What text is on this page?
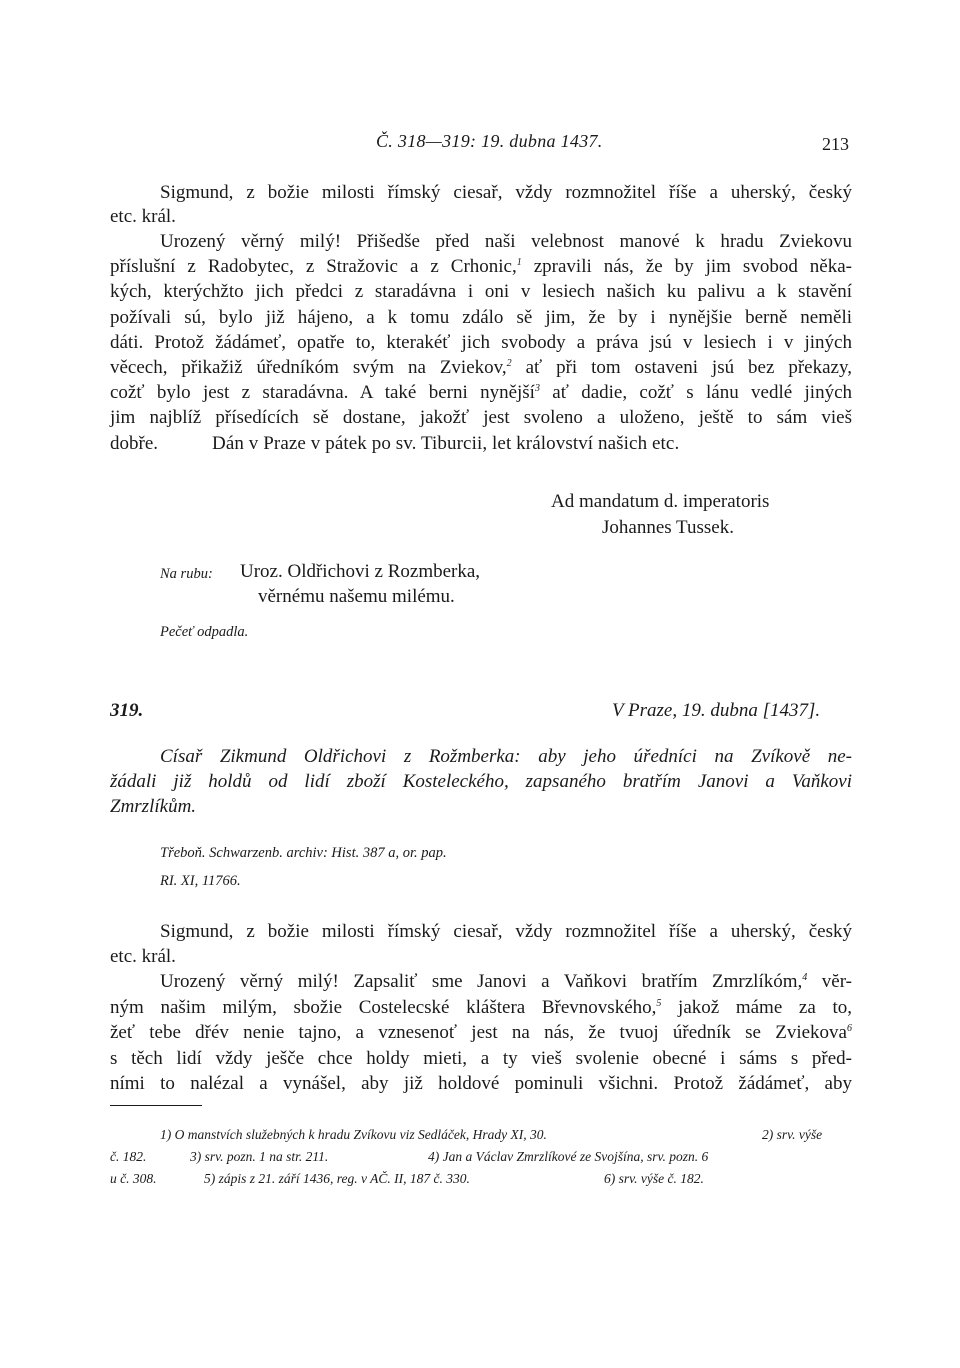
Č. 318—319: 19. dubna 1437.	213
Sigmund, z božie milosti římský ciesař, vždy rozmnožitel říše a uherský, český
etc. král.
Urozený věrný milý! Přišedše před naši velebnost manové k hradu Zviekovu
příslušní z Radobytec, z Stražovic a z Crhonic,$^1$ zpravili nás, že by jim svobod něka-
kých, kterýchžto jich předci z staradávna i oni v lesiech našich ku palivu a k stavění
požívali sú, bylo již hájeno, a k tomu zdálo sě jim, že by i nynějšie berně neměli
dáti. Protož žádámeť, opatře to, kterakéť jich svobody a práva jsú v lesiech i v jiných
věcech, přikažiž úředníkóm svým na Zviekov,$^2$ ať při tom ostaveni jsú bez překazy,
cožť bylo jest z staradávna. A také berni nynější$^3$ ať dadie, cožť s lánu vedlé jiných
jim najblíž přísedících sě dostane, jakožť jest svoleno a uloženo, ještě to sám vieš
dobře.	Dán v Praze v pátek po sv. Tiburcii, let království našich etc.
Ad mandatum d. imperatoris
Johannes Tussek.
Na rubu: Uroz. Oldřichovi z Rozmberka,
věrnému našemu milému.
Pečeť odpadla.
319.	V Praze, 19. dubna [1437].
Císař Zikmund Oldřichovi z Rožmberka: aby jeho úředníci na Zvíkově ne-
žádali již holdů od lidí zboží Kosteleckého, zapsaného bratřím Janovi a Vaňkovi
Zmrzlíkům.
Třeboň. Schwarzenb. archiv: Hist. 387 a, or. pap.
RI. XI, 11766.
Sigmund, z božie milosti římský ciesař, vždy rozmnožitel říše a uherský, český
etc. král.
Urozený věrný milý! Zapsaliť sme Janovi a Vaňkovi bratřím Zmrzlíkóm,$^4$ vĕr-
ným našim milým, sbožie Costelecské kláštera Břevnovského,$^5$ jakož máme za to,
žeť tebe dřév nenie tajno, a vznesenoť jest na nás, že tvuoj úředník se Zviekova$^6$
s těch lidí vždy ješče chce holdy mieti, a ty vieš svolenie obecné i sáms s před-
ními to nalézal a vynášel, aby již holdové pominuli všichni. Protož žádámeť, aby
1) O manstvích služebných k hradu Zvíkovu viz Sedláček, Hrady XI, 30.	2) srv. výše
č. 182.	3) srv. pozn. 1 na str. 211.	4) Jan a Václav Zmrzlíkové ze Svojšína, srv. pozn. 6
u č. 308.	5) zápis z 21. září 1436, reg. v AČ. II, 187 č. 330.	6) srv. výše č. 182.
